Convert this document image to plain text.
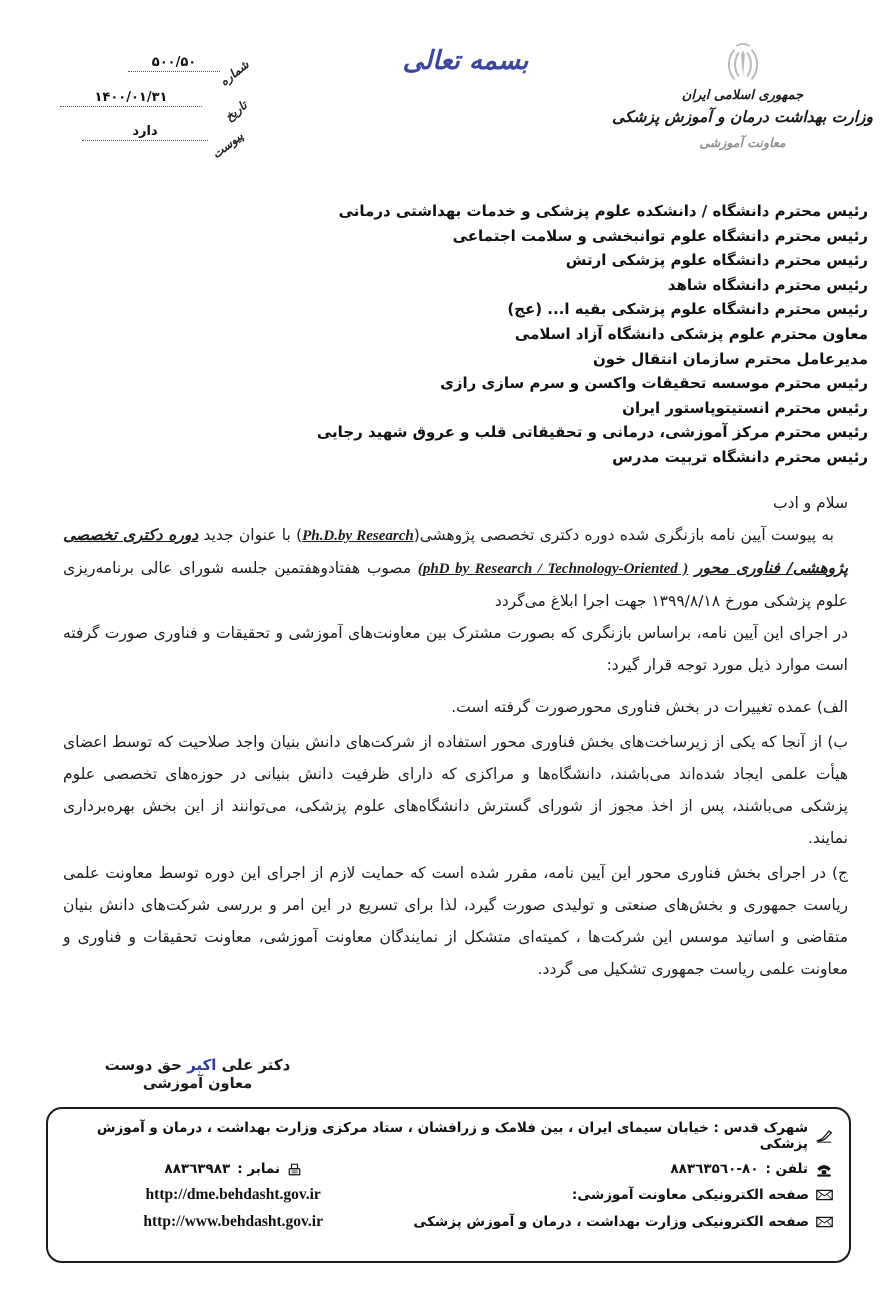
۵۰۰/۵۰	شماره
۱۴۰۰/۰۱/۳۱
تاریخ
دارد	پیوست
بسمه تعالی
جمهوری اسلامی ایران
وزارت بهداشت درمان و آموزش پزشکی
معاونت آموزشی
رئیس محترم دانشگاه / دانشکده علوم پزشکی و خدمات بهداشتی درمانی
رئیس محترم دانشگاه علوم توانبخشی و سلامت اجتماعی
رئیس محترم دانشگاه علوم پزشکی ارتش
رئیس محترم دانشگاه شاهد
رئیس محترم دانشگاه علوم پزشکی بقیه ا... (عج)
معاون محترم علوم پزشکی دانشگاه آزاد اسلامی
مدیرعامل محترم سازمان انتقال خون
رئیس محترم موسسه تحقیقات واکسن و سرم سازی رازی
رئیس محترم انستیتوپاستور ایران
رئیس محترم مرکز آموزشی، درمانی و تحقیقاتی قلب و عروق شهید رجایی
رئیس محترم دانشگاه تربیت مدرس

سلام و ادب

به پیوست آیین نامه بازنگری شده دوره دکتری تخصصی پژوهشی(Ph.D.by Research) با عنوان جدید دوره دکتری تخصصی پژوهشی/ فناوری محور (phD by Research / Technology-Oriented ) مصوب هفتادوهفتمین جلسه شورای عالی برنامه‌ریزی علوم پزشکی مورخ ۱۳۹۹/۸/۱۸ جهت اجرا ابلاغ می‌گردد

در اجرای این آیین نامه، براساس بازنگری که بصورت مشترک بین معاونت‌های آموزشی و تحقیقات و فناوری صورت گرفته است موارد ذیل مورد توجه قرار گیرد:

الف) عمده تغییرات در بخش فناوری محورصورت گرفته است.

ب) از آنجا که یکی از زیرساخت‌های بخش فناوری محور استفاده از شرکت‌های دانش بنیان واجد صلاحیت که توسط اعضای هیأت علمی ایجاد شده‌اند می‌باشند، دانشگاه‌ها و مراکزی که دارای ظرفیت دانش بنیانی در حوزه‌های تخصصی علوم پزشکی می‌باشند، پس از اخذ مجوز از شورای گسترش دانشگاه‌های علوم پزشکی، می‌توانند از این بخش بهره‌برداری نمایند.

ج) در اجرای بخش فناوری محور این آیین نامه، مقرر شده است که حمایت لازم از اجرای این دوره توسط معاونت علمی ریاست جمهوری و بخش‌های صنعتی و تولیدی صورت گیرد، لذا برای تسریع در این امر و بررسی شرکت‌های دانش بنیان متقاضی و اساتید موسس این شرکت‌ها ، کمیته‌ای متشکل از نمایندگان معاونت آموزشی، معاونت تحقیقات و فناوری و معاونت علمی ریاست جمهوری تشکیل می گردد.

دکتر علی اکبر حق دوست
معاون آموزشی
شهرک قدس : خیابان سیمای ایران ، بین فلامک و زرافشان ، ستاد مرکزی وزارت بهداشت ، درمان و آموزش پزشکی
تلفن :
۸۸۳٦۳۵٦۰-۸۰
نمابر :
۸۸۳٦۳۹۸۳
صفحه الکترونیکی معاونت آموزشی:
http://dme.behdasht.gov.ir
صفحه الکترونیکی وزارت بهداشت ، درمان و آموزش پزشکی
http://www.behdasht.gov.ir
